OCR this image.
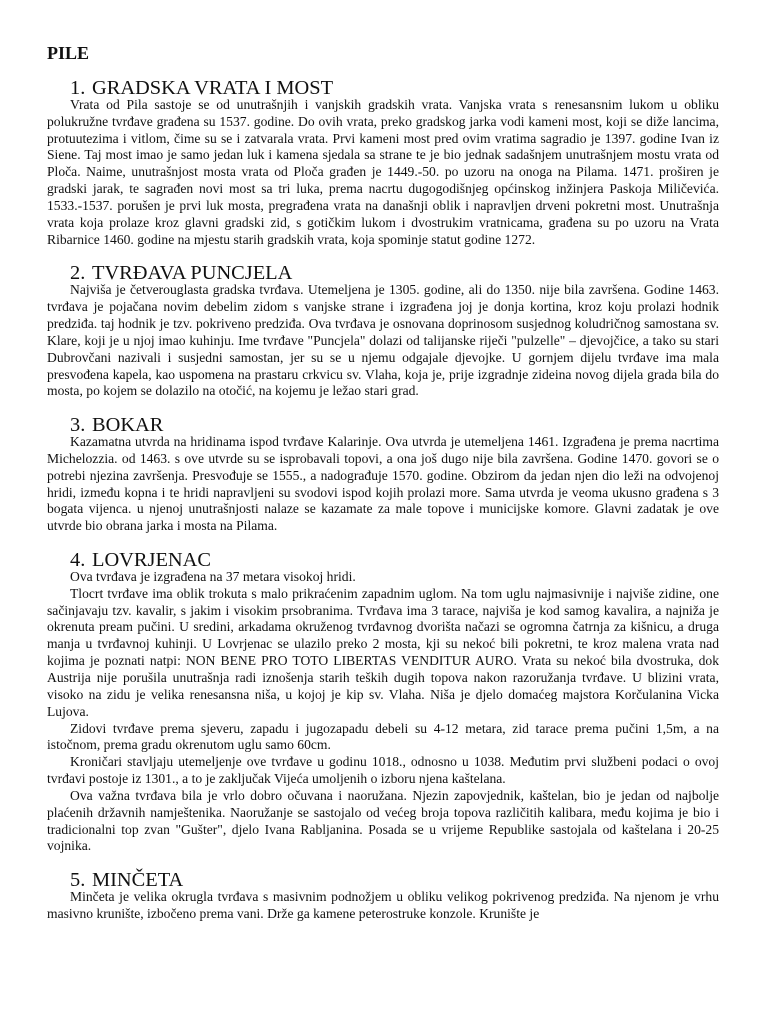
PILE
1. GRADSKA VRATA I MOST

Vrata od Pila sastoje se od unutrašnjih i vanjskih gradskih vrata. Vanjska vrata s renesansnim lukom u obliku polukružne tvrđave građena su 1537. godine. Do ovih vrata, preko gradskog jarka vodi kameni most, koji se diže lancima, protuutezima i vitlom, čime su se i zatvarala vrata. Prvi kameni most pred ovim vratima sagradio je 1397. godine Ivan iz Siene. Taj most imao je samo jedan luk i kamena sjedala sa strane te je bio jednak sadašnjem unutrašnjem mostu vrata od Ploča. Naime, unutrašnjost mosta vrata od Ploča građen je 1449.-50. po uzoru na onoga na Pilama. 1471. proširen je gradski jarak, te sagrađen novi most sa tri luka, prema nacrtu dugogodišnjeg općinskog inžinjera Paskoja Miličevića. 1533.-1537. porušen je prvi luk mosta, pregrađena vrata na današnji oblik i napravljen drveni pokretni most. Unutrašnja vrata koja prolaze kroz glavni gradski zid, s gotičkim lukom i dvostrukim vratnicama, građena su po uzoru na Vrata Ribarnice 1460. godine na mjestu starih gradskih vrata, koja spominje statut godine 1272.

2. TVRĐAVA PUNCJELA

Najviša je četverouglasta gradska tvrđava. Utemeljena je 1305. godine, ali do 1350. nije bila završena. Godine 1463. tvrđava je pojačana novim debelim zidom s vanjske strane i izgrađena joj je donja kortina, kroz koju prolazi hodnik predziđa. taj hodnik je tzv. pokriveno predziđa. Ova tvrđava je osnovana doprinosom susjednog koludričnog samostana sv. Klare, koji je u njoj imao kuhinju. Ime tvrđave "Puncjela" dolazi od talijanske riječi "pulzelle" – djevojčice, a tako su stari Dubrovčani nazivali i susjedni samostan, jer su se u njemu odgajale djevojke. U gornjem dijelu tvrđave ima mala presvođena kapela, kao uspomena na prastaru crkvicu sv. Vlaha, koja je, prije izgradnje zideina novog dijela grada bila do mosta, po kojem se dolazilo na otočić, na kojemu je ležao stari grad.

3. BOKAR

Kazamatna utvrda na hridinama ispod tvrđave Kalarinje. Ova utvrda je utemeljena 1461. Izgrađena je prema nacrtima Michelozzia. od 1463. s ove utvrde su se isprobavali topovi, a ona još dugo nije bila završena. Godine 1470. govori se o potrebi njezina završenja. Presvođuje se 1555., a nadograđuje 1570. godine. Obzirom da jedan njen dio leži na odvojenoj hridi, između kopna i te hridi napravljeni su svodovi ispod kojih prolazi more. Sama utvrda je veoma ukusno građena s 3 bogata vijenca. u njenoj unutrašnjosti nalaze se kazamate za male topove i municijske komore. Glavni zadatak je ove utvrde bio obrana jarka i mosta na Pilama.

4. LOVRJENAC

Ova tvrđava je izgrađena na 37 metara visokoj hridi.

Tlocrt tvrđave ima oblik trokuta s malo prikraćenim zapadnim uglom. Na tom uglu najmasivnije i najviše zidine, one sačinjavaju tzv. kavalir, s jakim i visokim prsobranima. Tvrđava ima 3 tarace, najviša je kod samog kavalira, a najniža je okrenuta pream pučini. U sredini, arkadama okruženog tvrđavnog dvorišta načazi se ogromna čatrnja za kišnicu, a druga manja u tvrđavnoj kuhinji. U Lovrjenac se ulazilo preko 2 mosta, kji su nekoć bili pokretni, te kroz malena vrata nad kojima je poznati natpi: NON BENE PRO TOTO LIBERTAS VENDITUR AURO. Vrata su nekoć bila dvostruka, dok Austrija nije porušila unutrašnja radi iznošenja starih teških dugih topova nakon razoružanja tvrđave. U blizini vrata, visoko na zidu je velika renesansna niša, u kojoj je kip sv. Vlaha. Niša je djelo domaćeg majstora Korčulanina Vicka Lujova.

Zidovi tvrđave prema sjeveru, zapadu i jugozapadu debeli su 4-12 metara, zid tarace prema pučini 1,5m, a na istočnom, prema gradu okrenutom uglu samo 60cm.

Kroničari stavljaju utemeljenje ove tvrđave u godinu 1018., odnosno u 1038. Međutim prvi službeni podaci o ovoj tvrđavi postoje iz 1301., a to je zaključak Vijeća umoljenih o izboru njena kaštelana.

Ova važna tvrđava bila je vrlo dobro očuvana i naoružana. Njezin zapovjednik, kaštelan, bio je jedan od najbolje plaćenih državnih namještenika. Naoružanje se sastojalo od većeg broja topova različitih kalibara, među kojima je bio i tradicionalni top zvan "Gušter", djelo Ivana Rabljanina. Posada se u vrijeme Republike sastojala od kaštelana i 20-25 vojnika.

5. MINČETA

Minčeta je velika okrugla tvrđava s masivnim podnožjem u obliku velikog pokrivenog predziđa. Na njenom je vrhu masivno krunište, izbočeno prema vani. Drže ga kamene peterostruke konzole. Krunište je
